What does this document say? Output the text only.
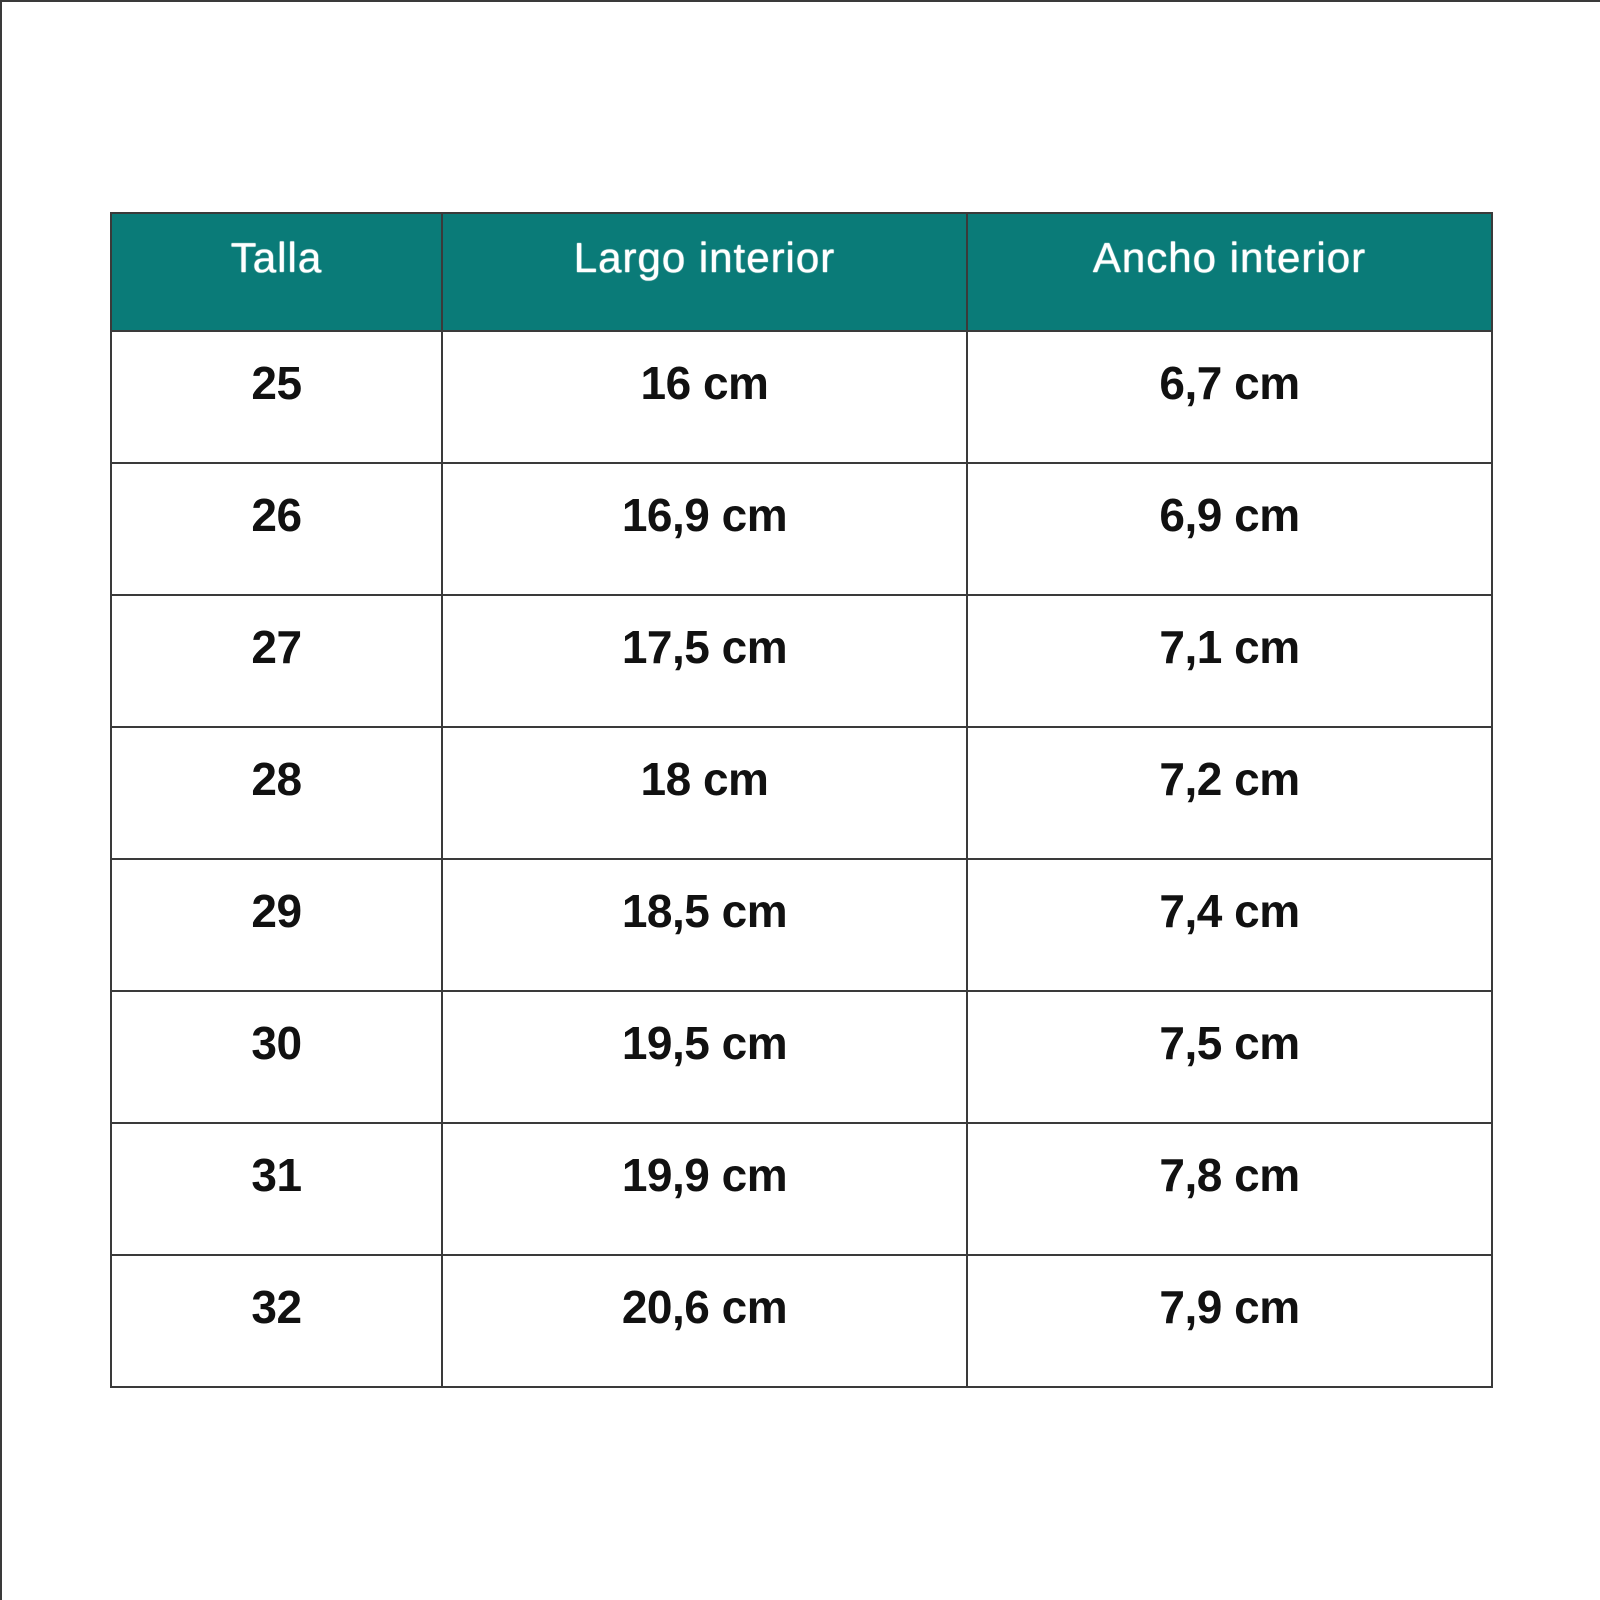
Talla	Largo interior	Ancho interior
25	16 cm	6,7 cm
26	16,9 cm	6,9 cm
27	17,5 cm	7,1 cm
28	18 cm	7,2 cm
29	18,5 cm	7,4 cm
30	19,5 cm	7,5 cm
31	19,9 cm	7,8 cm
32	20,6 cm	7,9 cm
